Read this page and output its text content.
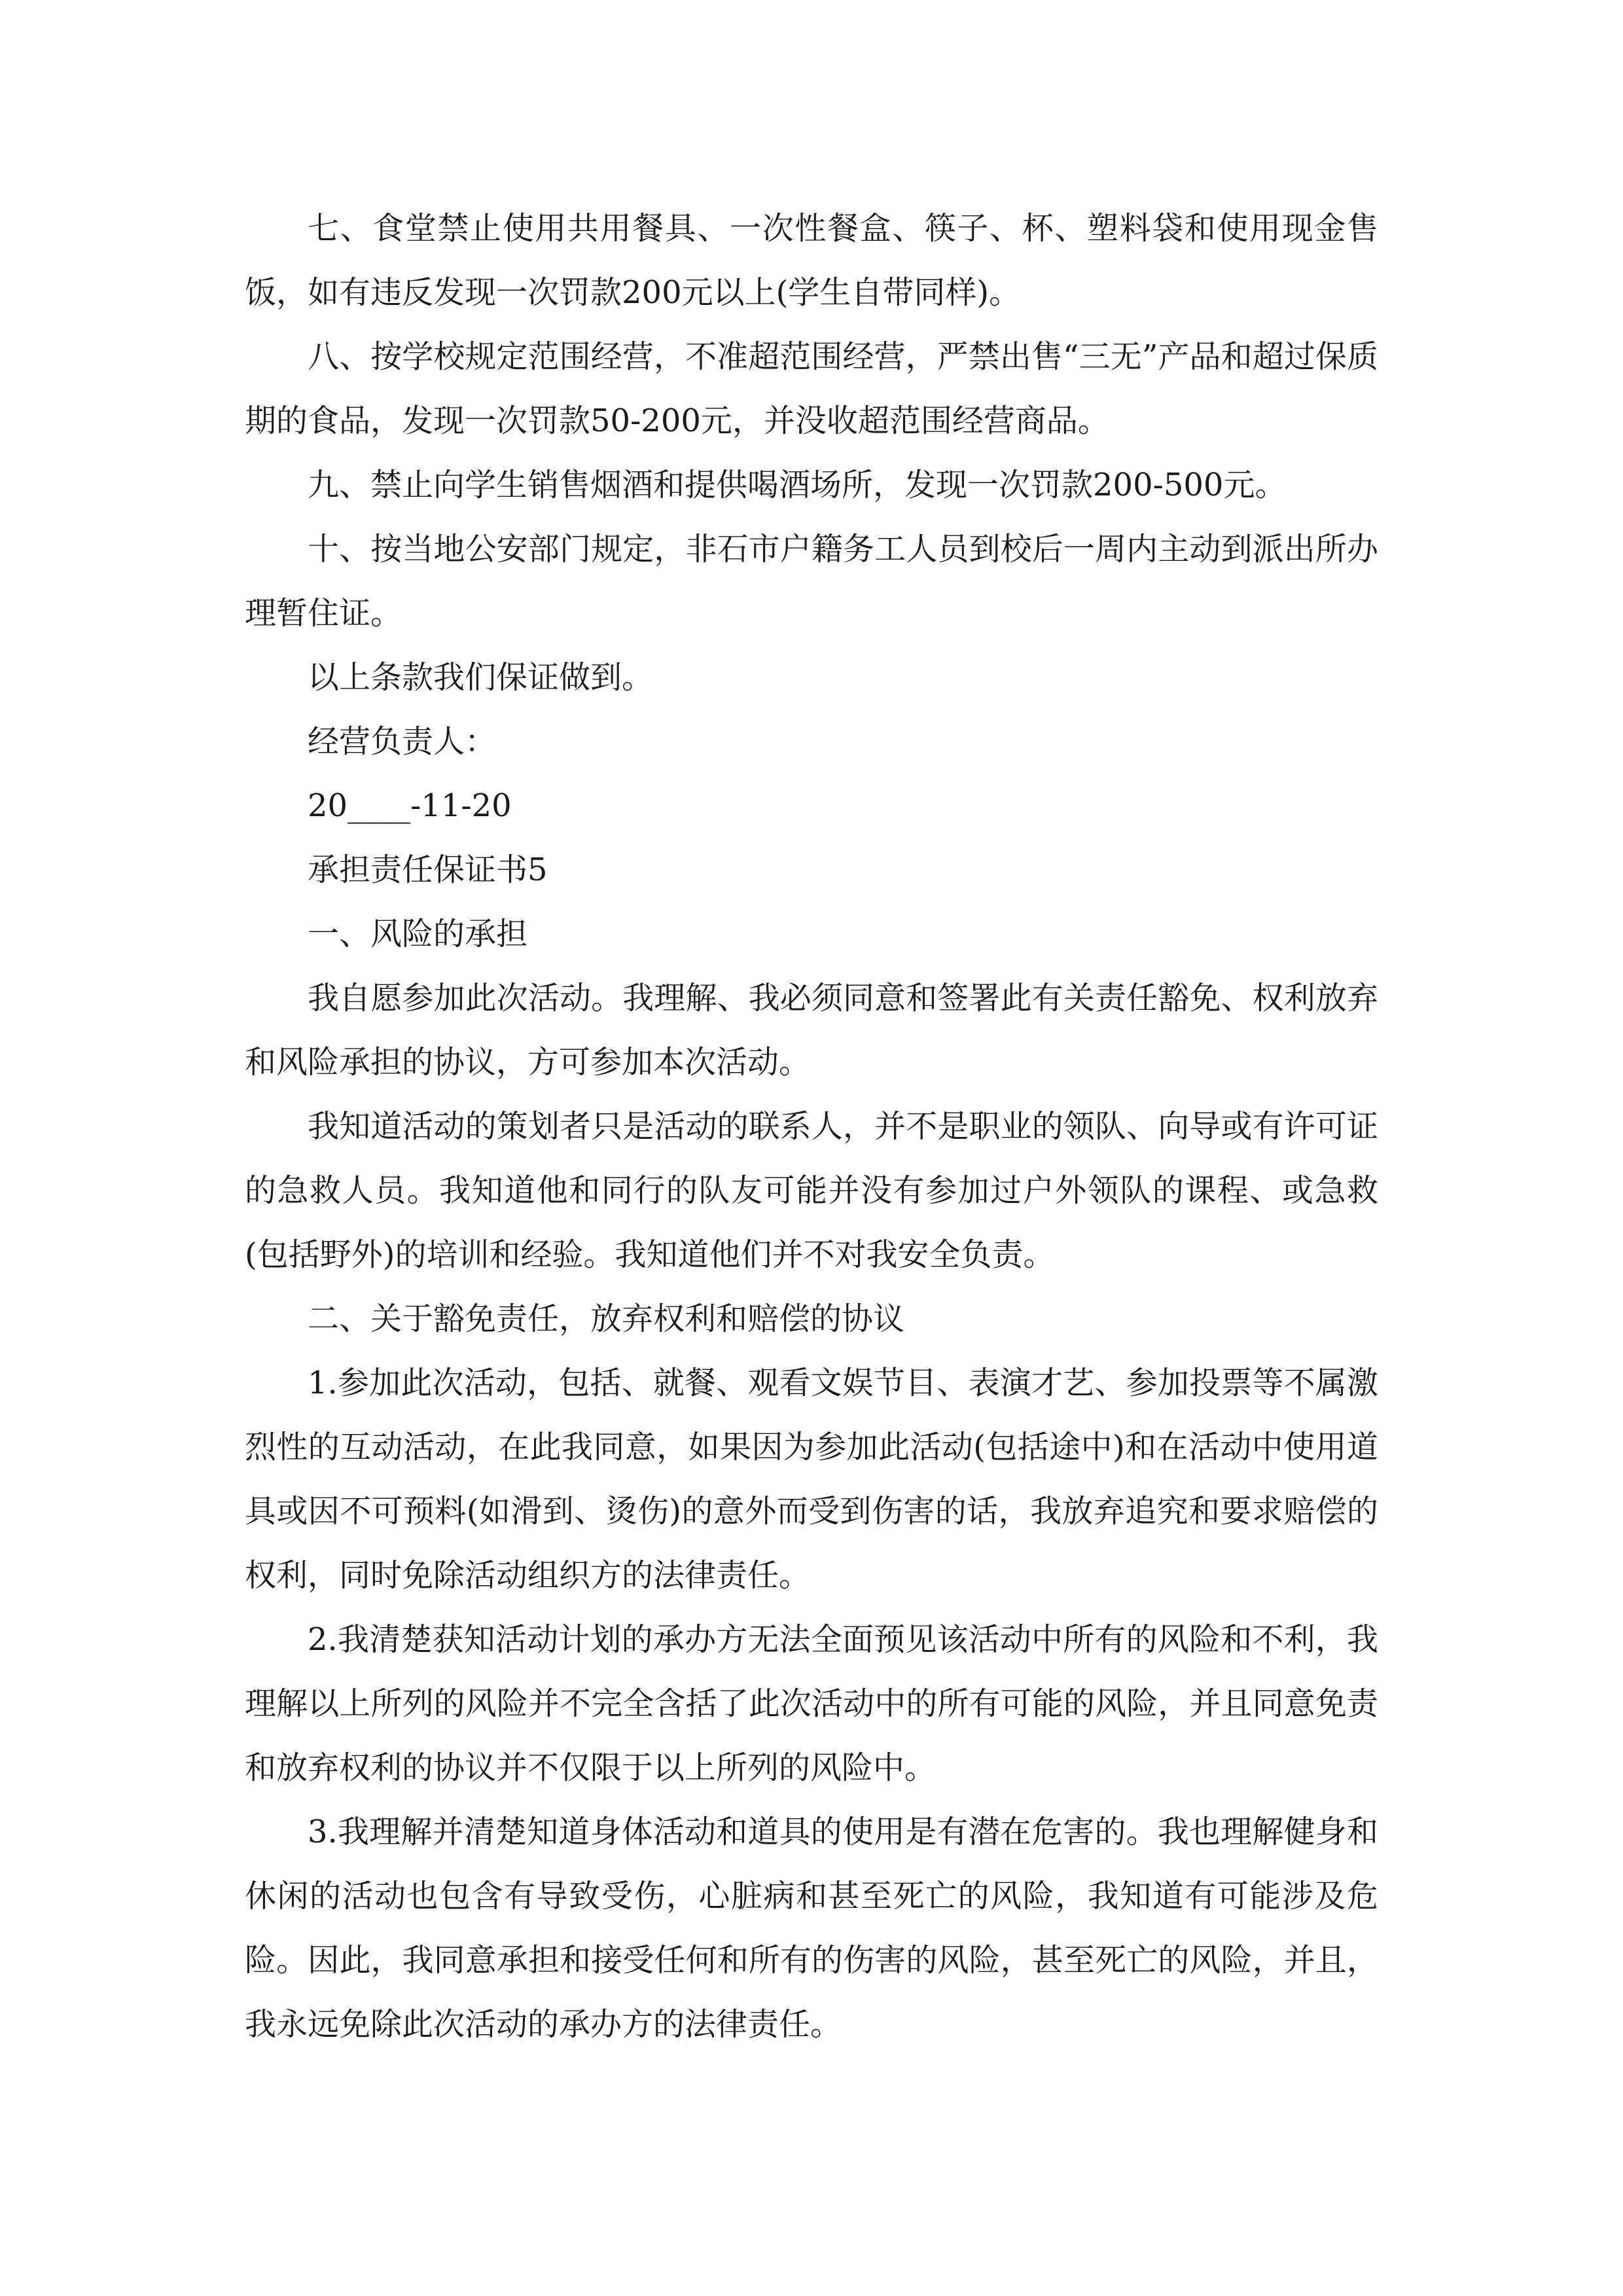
七、食堂禁止使用共用餐具、一次性餐盒、筷子、杯、塑料袋和使用现金售饭，如有违反发现一次罚款200元以上(学生自带同样)。

八、按学校规定范围经营，不准超范围经营，严禁出售“三无”产品和超过保质期的食品，发现一次罚款50-200元，并没收超范围经营商品。

九、禁止向学生销售烟酒和提供喝酒场所，发现一次罚款200-500元。

十、按当地公安部门规定，非石市户籍务工人员到校后一周内主动到派出所办理暂住证。

以上条款我们保证做到。

经营负责人：

20____-11-20

承担责任保证书5

一、风险的承担

我自愿参加此次活动。我理解、我必须同意和签署此有关责任豁免、权利放弃和风险承担的协议，方可参加本次活动。

我知道活动的策划者只是活动的联系人，并不是职业的领队、向导或有许可证的急救人员。我知道他和同行的队友可能并没有参加过户外领队的课程、或急救(包括野外)的培训和经验。我知道他们并不对我安全负责。

二、关于豁免责任，放弃权利和赔偿的协议

1.参加此次活动，包括、就餐、观看文娱节目、表演才艺、参加投票等不属激烈性的互动活动，在此我同意，如果因为参加此活动(包括途中)和在活动中使用道具或因不可预料(如滑到、烫伤)的意外而受到伤害的话，我放弃追究和要求赔偿的权利，同时免除活动组织方的法律责任。

2.我清楚获知活动计划的承办方无法全面预见该活动中所有的风险和不利，我理解以上所列的风险并不完全含括了此次活动中的所有可能的风险，并且同意免责和放弃权利的协议并不仅限于以上所列的风险中。

3.我理解并清楚知道身体活动和道具的使用是有潜在危害的。我也理解健身和休闲的活动也包含有导致受伤，心脏病和甚至死亡的风险，我知道有可能涉及危险。因此，我同意承担和接受任何和所有的伤害的风险，甚至死亡的风险，并且，我永远免除此次活动的承办方的法律责任。
